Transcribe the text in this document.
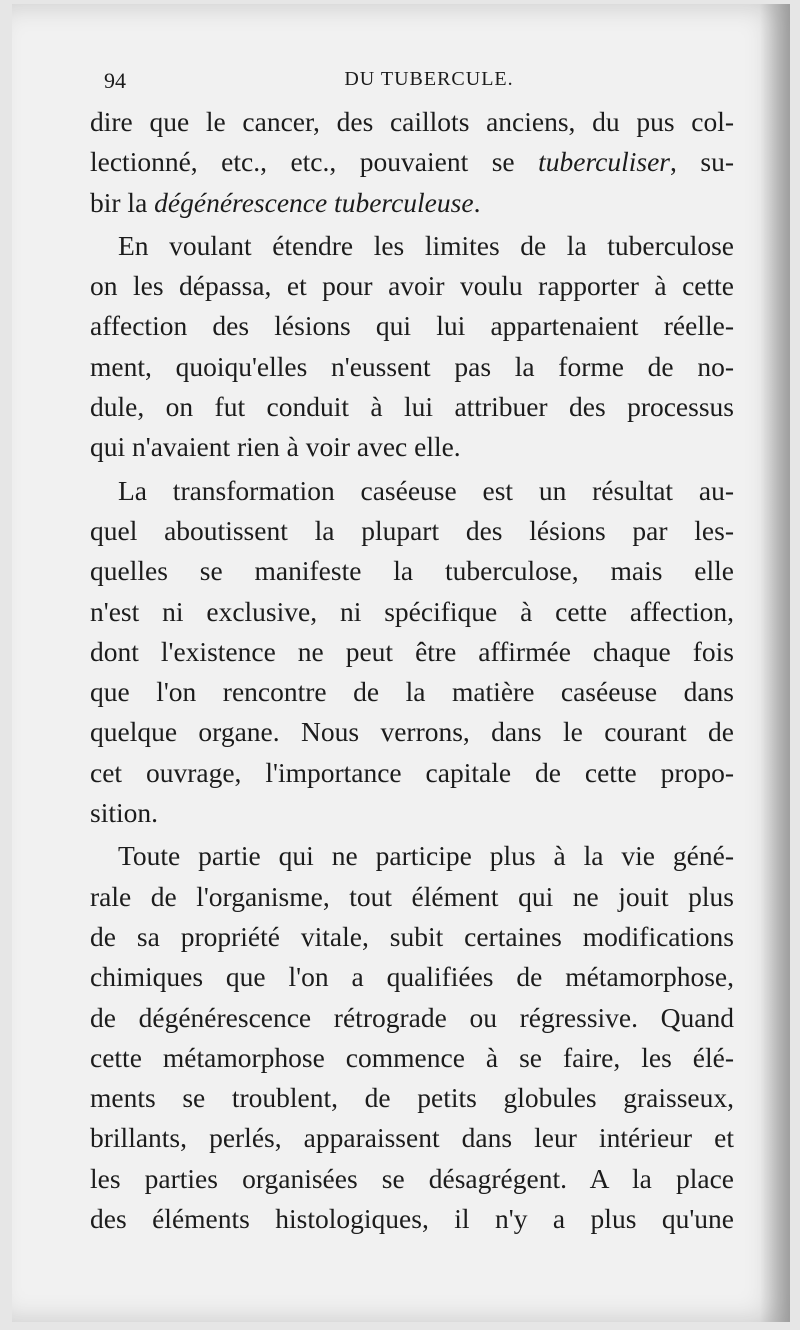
94	DU TUBERCULE.
dire que le cancer, des caillots anciens, du pus col-
lectionné, etc., etc., pouvaient se tuberculiser, su-
bir la dégénérescence tuberculeuse.
En voulant étendre les limites de la tuberculose
on les dépassa, et pour avoir voulu rapporter à cette
affection des lésions qui lui appartenaient réelle-
ment, quoiqu'elles n'eussent pas la forme de no-
dule, on fut conduit à lui attribuer des processus
qui n'avaient rien à voir avec elle.
La transformation caséeuse est un résultat au-
quel aboutissent la plupart des lésions par les-
quelles se manifeste la tuberculose, mais elle
n'est ni exclusive, ni spécifique à cette affection,
dont l'existence ne peut être affirmée chaque fois
que l'on rencontre de la matière caséeuse dans
quelque organe. Nous verrons, dans le courant de
cet ouvrage, l'importance capitale de cette propo-
sition.
Toute partie qui ne participe plus à la vie géné-
rale de l'organisme, tout élément qui ne jouit plus
de sa propriété vitale, subit certaines modifications
chimiques que l'on a qualifiées de métamorphose,
de dégénérescence rétrograde ou régressive. Quand
cette métamorphose commence à se faire, les élé-
ments se troublent, de petits globules graisseux,
brillants, perlés, apparaissent dans leur intérieur et
les parties organisées se désagrégent. A la place
des éléments histologiques, il n'y a plus qu'une
